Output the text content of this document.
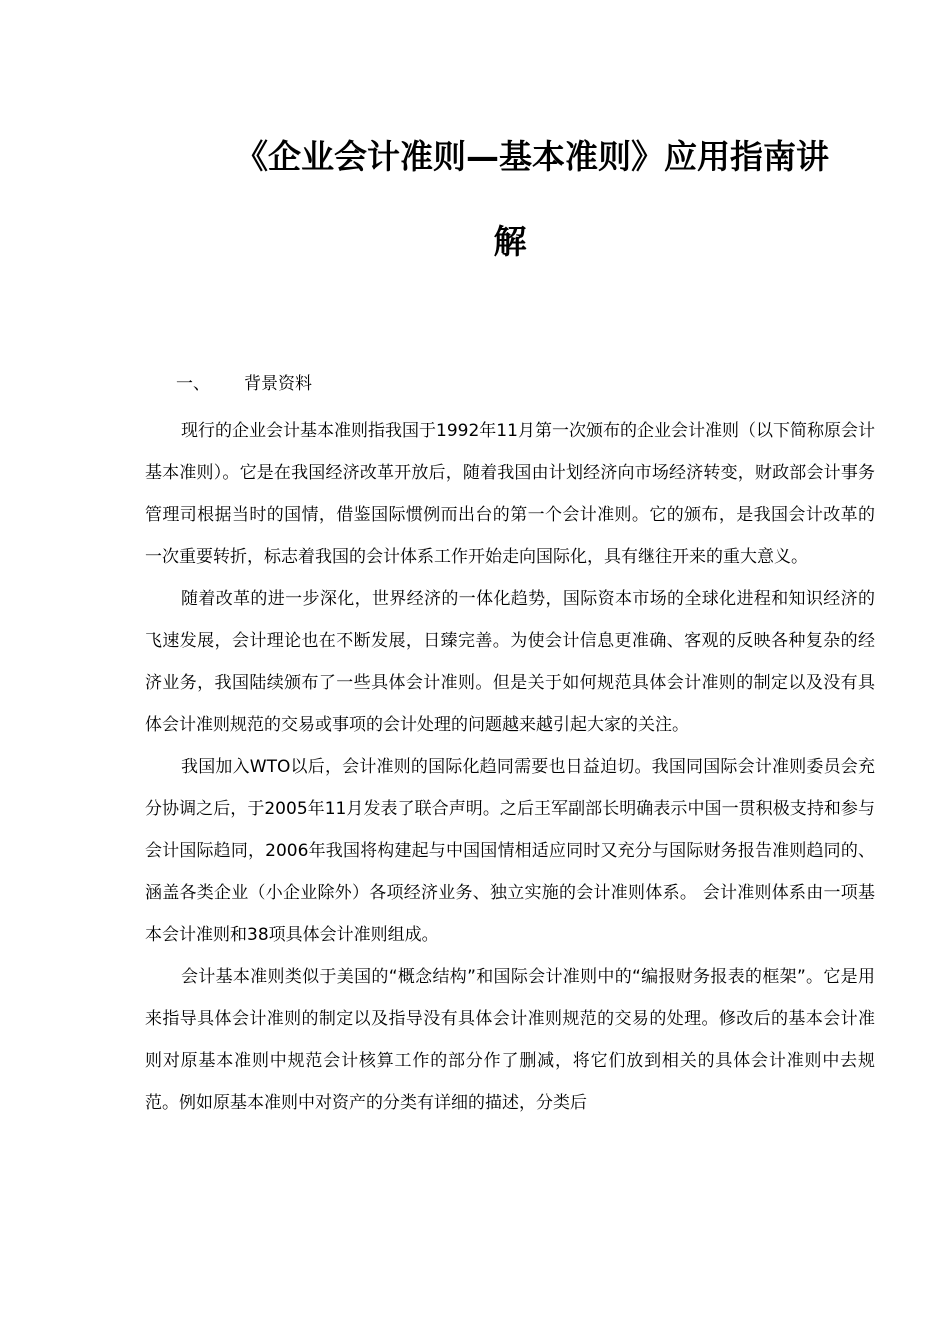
《企业会计准则—基本准则》应用指南讲
解
一、 背景资料

现行的企业会计基本准则指我国于1992年11月第一次颁布的企业会计准则（以下简称原会计基本准则）。它是在我国经济改革开放后，随着我国由计划经济向市场经济转变，财政部会计事务管理司根据当时的国情，借鉴国际惯例而出台的第一个会计准则。它的颁布，是我国会计改革的一次重要转折，标志着我国的会计体系工作开始走向国际化，具有继往开来的重大意义。

随着改革的进一步深化，世界经济的一体化趋势，国际资本市场的全球化进程和知识经济的飞速发展，会计理论也在不断发展，日臻完善。为使会计信息更准确、客观的反映各种复杂的经济业务，我国陆续颁布了一些具体会计准则。但是关于如何规范具体会计准则的制定以及没有具体会计准则规范的交易或事项的会计处理的问题越来越引起大家的关注。

我国加入WTO以后，会计准则的国际化趋同需要也日益迫切。我国同国际会计准则委员会充分协调之后，于2005年11月发表了联合声明。之后王军副部长明确表示中国一贯积极支持和参与会计国际趋同，2006年我国将构建起与中国国情相适应同时又充分与国际财务报告准则趋同的、涵盖各类企业（小企业除外）各项经济业务、独立实施的会计准则体系。 会计准则体系由一项基本会计准则和38项具体会计准则组成。

会计基本准则类似于美国的“概念结构”和国际会计准则中的“编报财务报表的框架”。它是用来指导具体会计准则的制定以及指导没有具体会计准则规范的交易的处理。修改后的基本会计准则对原基本准则中规范会计核算工作的部分作了删减，将它们放到相关的具体会计准则中去规范。例如原基本准则中对资产的分类有详细的描述，分类后
